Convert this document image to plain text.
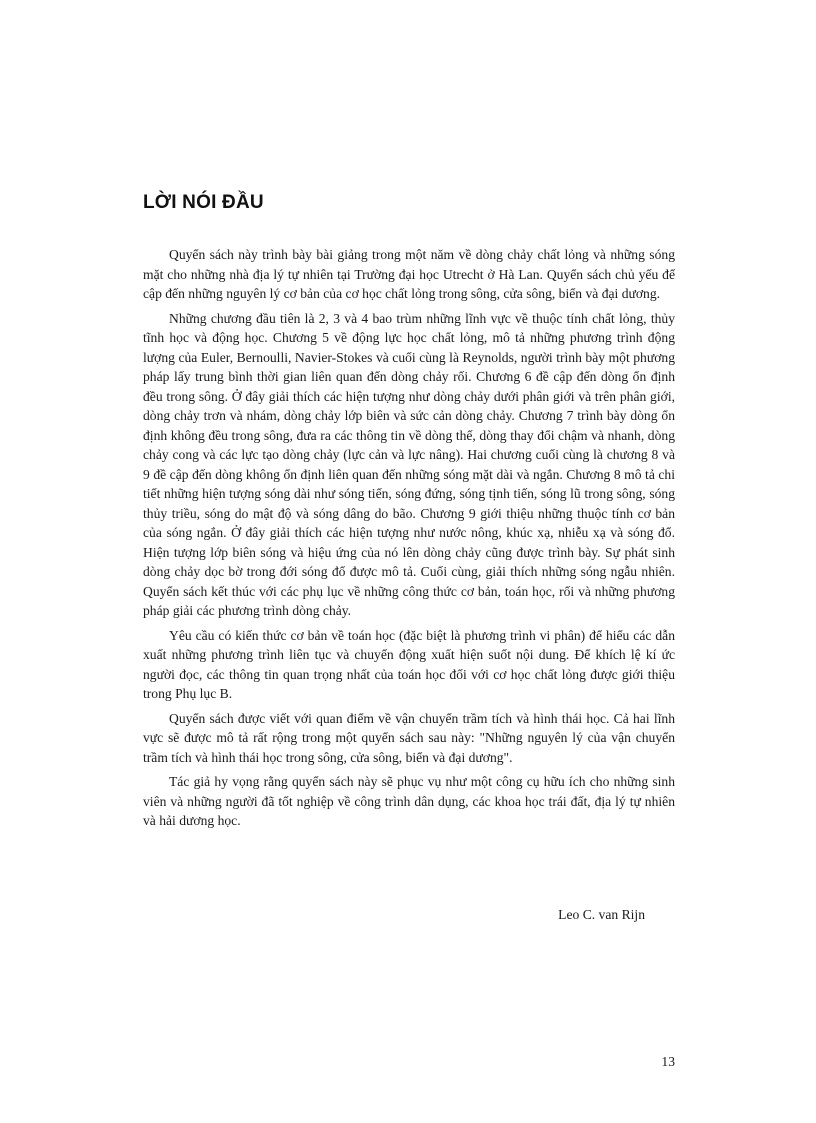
LỜI NÓI ĐẦU

Quyển sách này trình bày bài giảng trong một năm về dòng chảy chất lỏng và những sóng mặt cho những nhà địa lý tự nhiên tại Trường đại học Utrecht ở Hà Lan. Quyển sách chủ yếu để cập đến những nguyên lý cơ bản của cơ học chất lỏng trong sông, cửa sông, biển và đại dương.

Những chương đầu tiên là 2, 3 và 4 bao trùm những lĩnh vực về thuộc tính chất lỏng, thủy tĩnh học và động học. Chương 5 về động lực học chất lỏng, mô tả những phương trình động lượng của Euler, Bernoulli, Navier-Stokes và cuối cùng là Reynolds, người trình bày một phương pháp lấy trung bình thời gian liên quan đến dòng chảy rối. Chương 6 đề cập đến dòng ổn định đều trong sông. Ở đây giải thích các hiện tượng như dòng chảy dưới phân giới và trên phân giới, dòng chảy trơn và nhám, dòng chảy lớp biên và sức cản dòng chảy. Chương 7 trình bày dòng ổn định không đều trong sông, đưa ra các thông tin về dòng thế, dòng thay đổi chậm và nhanh, dòng chảy cong và các lực tạo dòng chảy (lực cản và lực nâng). Hai chương cuối cùng là chương 8 và 9 đề cập đến dòng không ổn định liên quan đến những sóng mặt dài và ngắn. Chương 8 mô tả chi tiết những hiện tượng sóng dài như sóng tiến, sóng đứng, sóng tịnh tiến, sóng lũ trong sông, sóng thủy triều, sóng do mật độ và sóng dâng do bão. Chương 9 giới thiệu những thuộc tính cơ bản của sóng ngắn. Ở đây giải thích các hiện tượng như nước nông, khúc xạ, nhiễu xạ và sóng đổ. Hiện tượng lớp biên sóng và hiệu ứng của nó lên dòng chảy cũng được trình bày. Sự phát sinh dòng chảy dọc bờ trong đới sóng đổ được mô tả. Cuối cùng, giải thích những sóng ngẫu nhiên. Quyển sách kết thúc với các phụ lục về những công thức cơ bản, toán học, rối và những phương pháp giải các phương trình dòng chảy.

Yêu cầu có kiến thức cơ bản về toán học (đặc biệt là phương trình vi phân) để hiểu các dẫn xuất những phương trình liên tục và chuyển động xuất hiện suốt nội dung. Để khích lệ kí ức người đọc, các thông tin quan trọng nhất của toán học đối với cơ học chất lỏng được giới thiệu trong Phụ lục B.

Quyển sách được viết với quan điểm về vận chuyển trầm tích và hình thái học. Cả hai lĩnh vực sẽ được mô tả rất rộng trong một quyển sách sau này: "Những nguyên lý của vận chuyển trầm tích và hình thái học trong sông, cửa sông, biển và đại dương".

Tác giả hy vọng rằng quyển sách này sẽ phục vụ như một công cụ hữu ích cho những sinh viên và những người đã tốt nghiệp về công trình dân dụng, các khoa học trái đất, địa lý tự nhiên và hải dương học.

Leo C. van Rijn

13
